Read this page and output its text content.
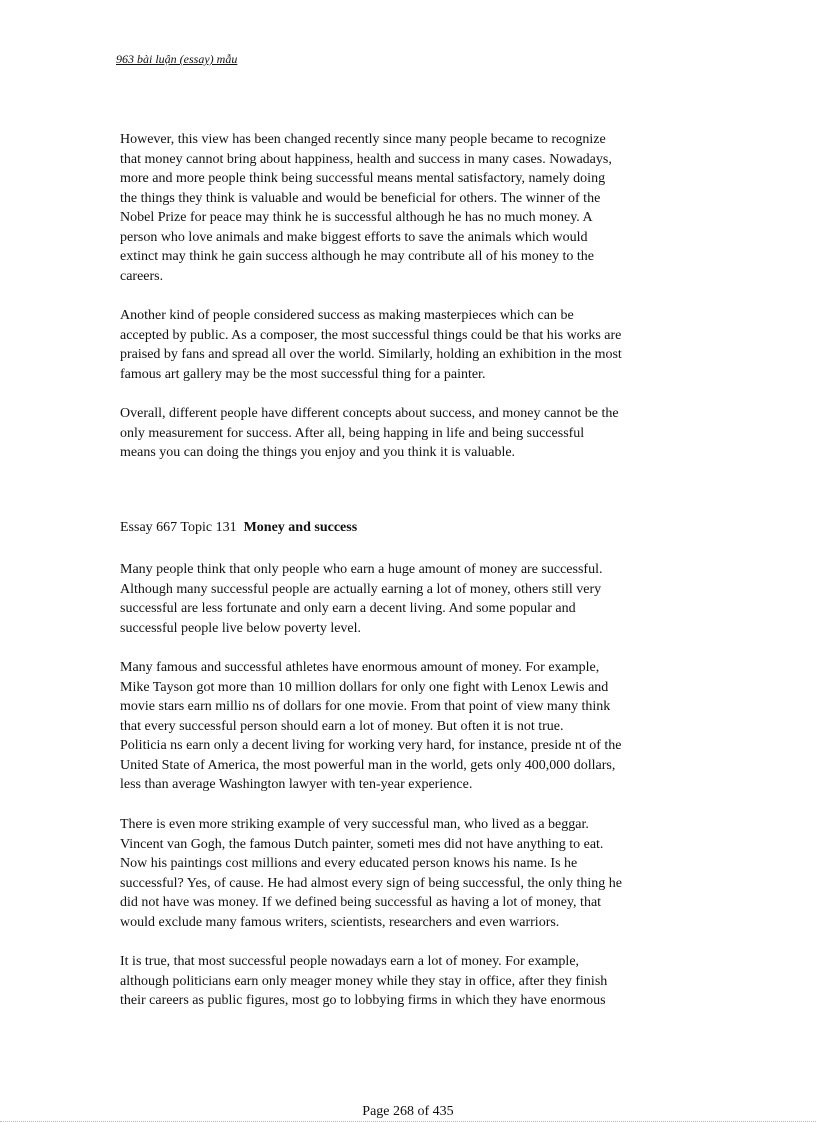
963 bài luận (essay) mẫu
However, this view has been changed recently since many people became to recognize
that money cannot bring about happiness, health and success in many cases. Nowadays,
more and more people think being successful means mental satisfactory, namely doing
the things they think is valuable and would be beneficial for others. The winner of the
Nobel Prize for peace may think he is successful although he has no much money. A
person who love animals and make biggest efforts to save the animals which would
extinct may think he gain success although he may contribute all of his money to the
careers.
Another kind of people considered success as making masterpieces which can be
accepted by public. As a composer, the most successful things could be that his works are
praised by fans and spread all over the world. Similarly, holding an exhibition in the most
famous art gallery may be the most successful thing for a painter.
Overall, different people have different concepts about success, and money cannot be the
only measurement for success. After all, being happing in life and being successful
means you can doing the things you enjoy and you think it is valuable.
Essay 667 Topic 131 Money and success
Many people think that only people who earn a huge amount of money are successful.
Although many successful people are actually earning a lot of money, others still very
successful are less fortunate and only earn a decent living. And some popular and
successful people live below poverty level.
Many famous and successful athletes have enormous amount of money. For example,
Mike Tayson got more than 10 million dollars for only one fight with Lenox Lewis and
movie stars earn millio ns of dollars for one movie. From that point of view many think
that every successful person should earn a lot of money. But often it is not true.
Politicia ns earn only a decent living for working very hard, for instance, preside nt of the
United State of America, the most powerful man in the world, gets only 400,000 dollars,
less than average Washington lawyer with ten-year experience.
There is even more striking example of very successful man, who lived as a beggar.
Vincent van Gogh, the famous Dutch painter, someti mes did not have anything to eat.
Now his paintings cost millions and every educated person knows his name. Is he
successful? Yes, of cause. He had almost every sign of being successful, the only thing he
did not have was money. If we defined being successful as having a lot of money, that
would exclude many famous writers, scientists, researchers and even warriors.
It is true, that most successful people nowadays earn a lot of money. For example,
although politicians earn only meager money while they stay in office, after they finish
their careers as public figures, most go to lobbying firms in which they have enormous
Page 268 of 435
